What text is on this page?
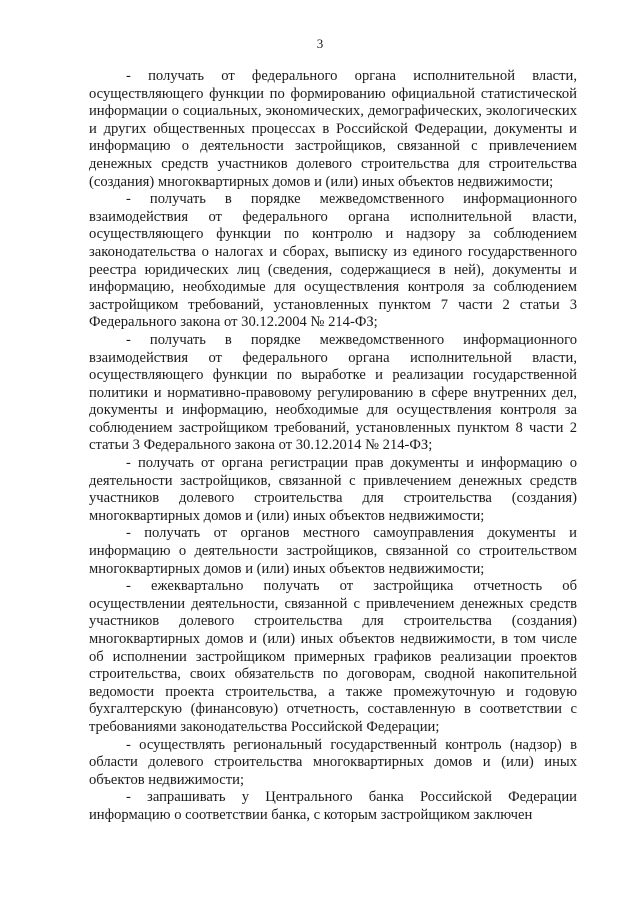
3

- получать от федерального органа исполнительной власти, осуществляющего функции по формированию официальной статистической информации о социальных, экономических, демографических, экологических и других общественных процессах в Российской Федерации, документы и информацию о деятельности застройщиков, связанной с привлечением денежных средств участников долевого строительства для строительства (создания) многоквартирных домов и (или) иных объектов недвижимости;

- получать в порядке межведомственного информационного взаимодействия от федерального органа исполнительной власти, осуществляющего функции по контролю и надзору за соблюдением законодательства о налогах и сборах, выписку из единого государственного реестра юридических лиц (сведения, содержащиеся в ней), документы и информацию, необходимые для осуществления контроля за соблюдением застройщиком требований, установленных пунктом 7 части 2 статьи 3 Федерального закона от 30.12.2004 № 214-ФЗ;

- получать в порядке межведомственного информационного взаимодействия от федерального органа исполнительной власти, осуществляющего функции по выработке и реализации государственной политики и нормативно-правовому регулированию в сфере внутренних дел, документы и информацию, необходимые для осуществления контроля за соблюдением застройщиком требований, установленных пунктом 8 части 2 статьи 3 Федерального закона от 30.12.2014 № 214-ФЗ;

- получать от органа регистрации прав документы и информацию о деятельности застройщиков, связанной с привлечением денежных средств участников долевого строительства для строительства (создания) многоквартирных домов и (или) иных объектов недвижимости;

- получать от органов местного самоуправления документы и информацию о деятельности застройщиков, связанной со строительством многоквартирных домов и (или) иных объектов недвижимости;

- ежеквартально получать от застройщика отчетность об осуществлении деятельности, связанной с привлечением денежных средств участников долевого строительства для строительства (создания) многоквартирных домов и (или) иных объектов недвижимости, в том числе об исполнении застройщиком примерных графиков реализации проектов строительства, своих обязательств по договорам, сводной накопительной ведомости проекта строительства, а также промежуточную и годовую бухгалтерскую (финансовую) отчетность, составленную в соответствии с требованиями законодательства Российской Федерации;

- осуществлять региональный государственный контроль (надзор) в области долевого строительства многоквартирных домов и (или) иных объектов недвижимости;

- запрашивать у Центрального банка Российской Федерации информацию о соответствии банка, с которым застройщиком заключен
